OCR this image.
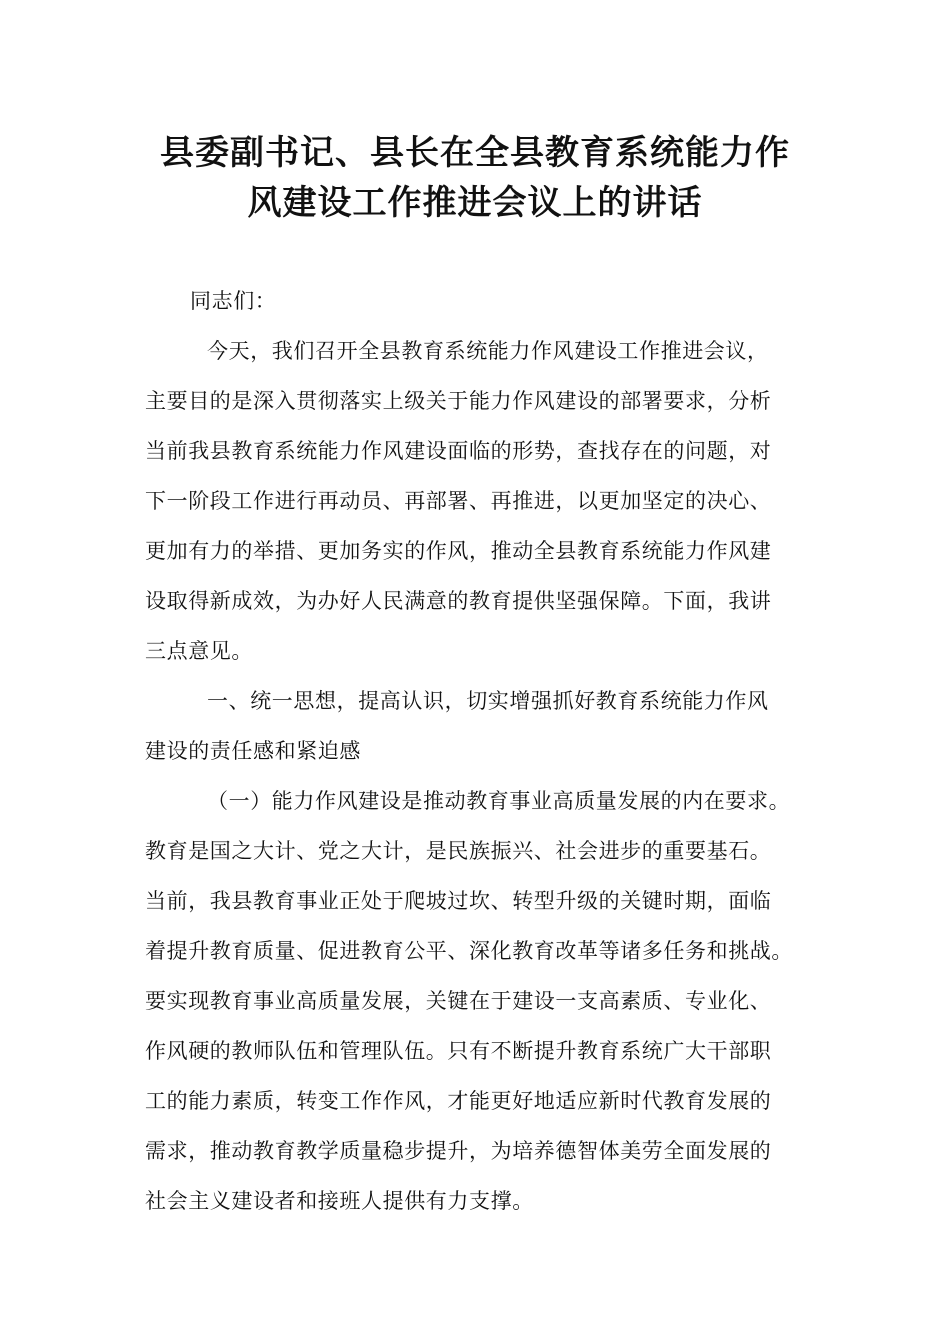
县委副书记、县长在全县教育系统能力作
风建设工作推进会议上的讲话
同志们：
今天，我们召开全县教育系统能力作风建设工作推进会议，
主要目的是深入贯彻落实上级关于能力作风建设的部署要求，分析
当前我县教育系统能力作风建设面临的形势，查找存在的问题，对
下一阶段工作进行再动员、再部署、再推进，以更加坚定的决心、
更加有力的举措、更加务实的作风，推动全县教育系统能力作风建
设取得新成效，为办好人民满意的教育提供坚强保障。下面，我讲
三点意见。
一、统一思想，提高认识，切实增强抓好教育系统能力作风
建设的责任感和紧迫感
（一）能力作风建设是推动教育事业高质量发展的内在要求。
教育是国之大计、党之大计，是民族振兴、社会进步的重要基石。
当前，我县教育事业正处于爬坡过坎、转型升级的关键时期，面临
着提升教育质量、促进教育公平、深化教育改革等诸多任务和挑战。
要实现教育事业高质量发展，关键在于建设一支高素质、专业化、
作风硬的教师队伍和管理队伍。只有不断提升教育系统广大干部职
工的能力素质，转变工作作风，才能更好地适应新时代教育发展的
需求，推动教育教学质量稳步提升，为培养德智体美劳全面发展的
社会主义建设者和接班人提供有力支撑。
